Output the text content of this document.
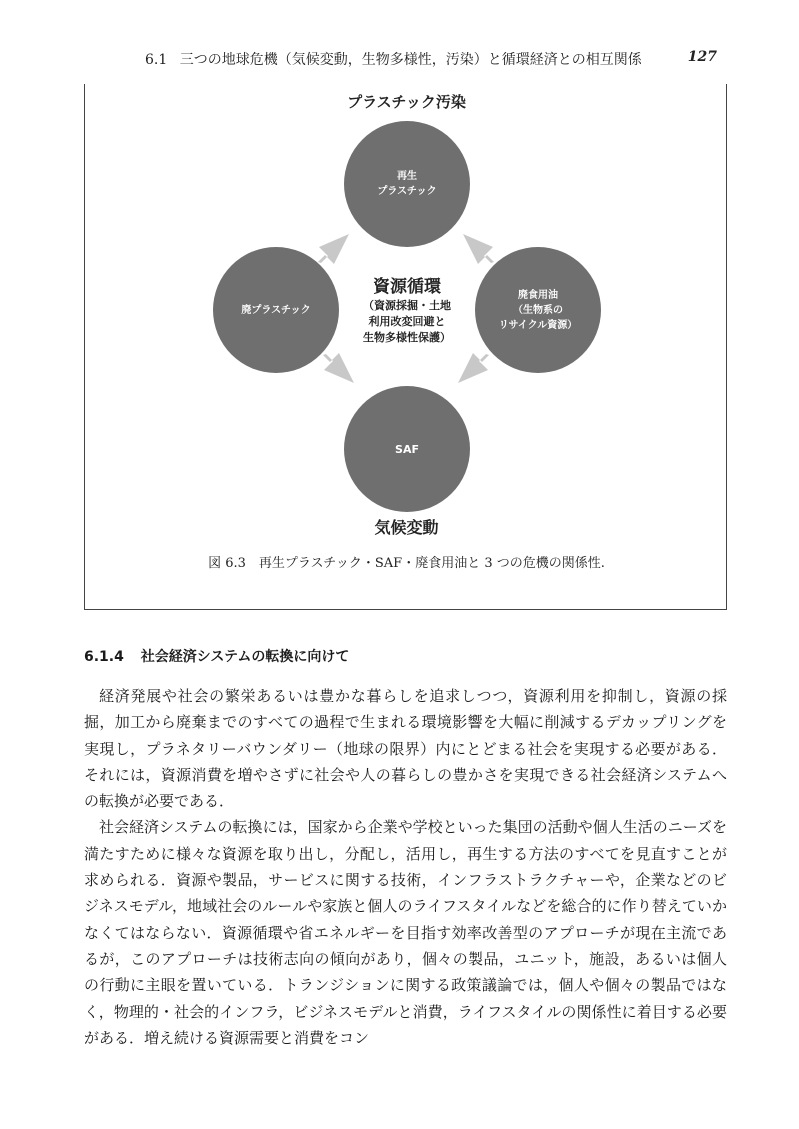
6.1 三つの地球危機（気候変動，生物多様性，汚染）と循環経済との相互関係	127
プラスチック汚染
再生
プラスチック
廃プラスチック
廃食用油
（生物系の
リサイクル資源）
SAF
資源循環
（資源採掘・土地
利用改変回避と
生物多様性保護）
気候変動
図 6.3　再生プラスチック・SAF・廃食用油と 3 つの危機の関係性.
6.1.4 社会経済システムの転換に向けて

経済発展や社会の繁栄あるいは豊かな暮らしを追求しつつ，資源利用を抑制し，資源の採掘，加工から廃棄までのすべての過程で生まれる環境影響を大幅に削減するデカップリングを実現し，プラネタリーバウンダリー（地球の限界）内にとどまる社会を実現する必要がある．それには，資源消費を増やさずに社会や人の暮らしの豊かさを実現できる社会経済システムへの転換が必要である．

社会経済システムの転換には，国家から企業や学校といった集団の活動や個人生活のニーズを満たすために様々な資源を取り出し，分配し，活用し，再生する方法のすべてを見直すことが求められる．資源や製品，サービスに関する技術，インフラストラクチャーや，企業などのビジネスモデル，地域社会のルールや家族と個人のライフスタイルなどを総合的に作り替えていかなくてはならない．資源循環や省エネルギーを目指す効率改善型のアプローチが現在主流であるが，このアプローチは技術志向の傾向があり，個々の製品，ユニット，施設，あるいは個人の行動に主眼を置いている．トランジションに関する政策議論では，個人や個々の製品ではなく，物理的・社会的インフラ，ビジネスモデルと消費，ライフスタイルの関係性に着目する必要がある．増え続ける資源需要と消費をコン
